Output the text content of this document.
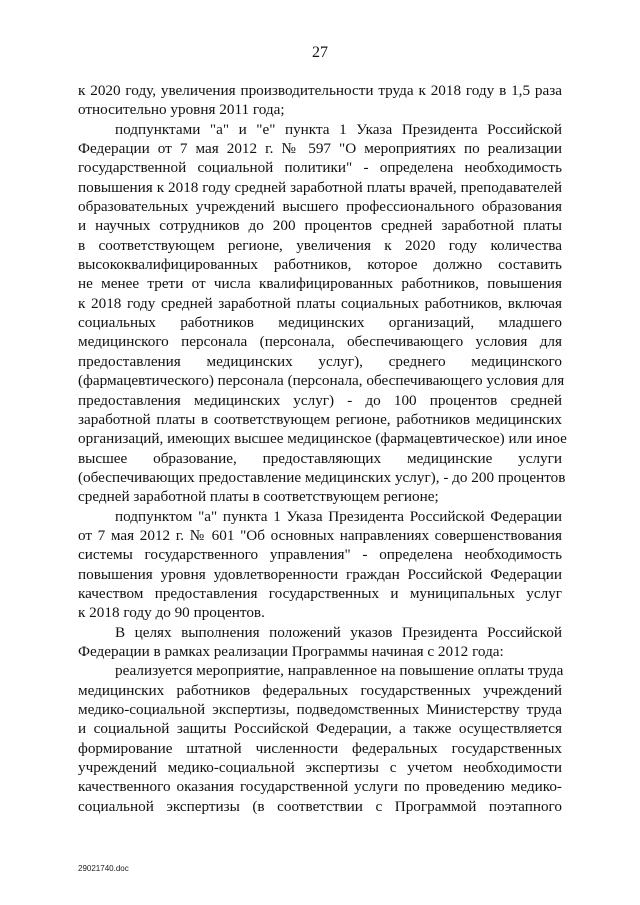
27
к 2020 году, увеличения производительности труда к 2018 году в 1,5 раза
относительно уровня 2011 года;
подпунктами "а" и "е" пункта 1 Указа Президента Российской
Федерации от 7 мая 2012 г. № 597 "О мероприятиях по реализации
государственной социальной политики" - определена необходимость
повышения к 2018 году средней заработной платы врачей, преподавателей
образовательных учреждений высшего профессионального образования
и научных сотрудников до 200 процентов средней заработной платы
в соответствующем регионе, увеличения к 2020 году количества
высококвалифицированных работников, которое должно составить
не менее трети от числа квалифицированных работников, повышения
к 2018 году средней заработной платы социальных работников, включая
социальных работников медицинских организаций, младшего
медицинского персонала (персонала, обеспечивающего условия для
предоставления медицинских услуг), среднего медицинского
(фармацевтического) персонала (персонала, обеспечивающего условия для
предоставления медицинских услуг) - до 100 процентов средней
заработной платы в соответствующем регионе, работников медицинских
организаций, имеющих высшее медицинское (фармацевтическое) или иное
высшее образование, предоставляющих медицинские услуги
(обеспечивающих предоставление медицинских услуг), - до 200 процентов
средней заработной платы в соответствующем регионе;
подпунктом "а" пункта 1 Указа Президента Российской Федерации
от 7 мая 2012 г. № 601 "Об основных направлениях совершенствования
системы государственного управления" - определена необходимость
повышения уровня удовлетворенности граждан Российской Федерации
качеством предоставления государственных и муниципальных услуг
к 2018 году до 90 процентов.
В целях выполнения положений указов Президента Российской
Федерации в рамках реализации Программы начиная с 2012 года:
реализуется мероприятие, направленное на повышение оплаты труда
медицинских работников федеральных государственных учреждений
медико-социальной экспертизы, подведомственных Министерству труда
и социальной защиты Российской Федерации, а также осуществляется
формирование штатной численности федеральных государственных
учреждений медико-социальной экспертизы с учетом необходимости
качественного оказания государственной услуги по проведению медико-
социальной экспертизы (в соответствии с Программой поэтапного
29021740.doc
